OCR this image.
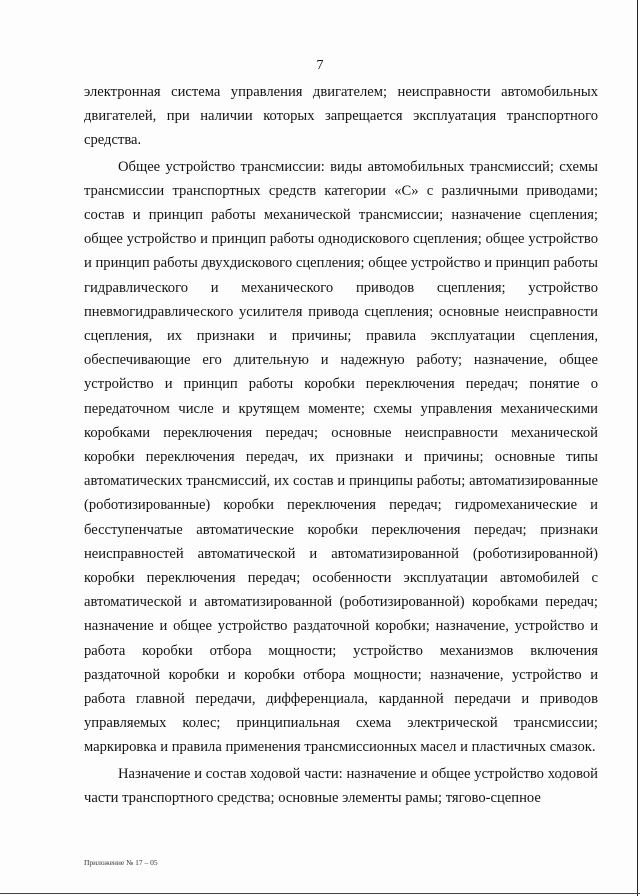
7

электронная система управления двигателем; неисправности автомобильных двигателей, при наличии которых запрещается эксплуатация транспортного средства.

Общее устройство трансмиссии: виды автомобильных трансмиссий; схемы трансмиссии транспортных средств категории «С» с различными приводами; состав и принцип работы механической трансмиссии; назначение сцепления; общее устройство и принцип работы однодискового сцепления; общее устройство и принцип работы двухдискового сцепления; общее устройство и принцип работы гидравлического и механического приводов сцепления; устройство пневмогидравлического усилителя привода сцепления; основные неисправности сцепления, их признаки и причины; правила эксплуатации сцепления, обеспечивающие его длительную и надежную работу; назначение, общее устройство и принцип работы коробки переключения передач; понятие о передаточном числе и крутящем моменте; схемы управления механическими коробками переключения передач; основные неисправности механической коробки переключения передач, их признаки и причины; основные типы автоматических трансмиссий, их состав и принципы работы; автоматизированные (роботизированные) коробки переключения передач; гидромеханические и бесступенчатые автоматические коробки переключения передач; признаки неисправностей автоматической и автоматизированной (роботизированной) коробки переключения передач; особенности эксплуатации автомобилей с автоматической и автоматизированной (роботизированной) коробками передач; назначение и общее устройство раздаточной коробки; назначение, устройство и работа коробки отбора мощности; устройство механизмов включения раздаточной коробки и коробки отбора мощности; назначение, устройство и работа главной передачи, дифференциала, карданной передачи и приводов управляемых колес; принципиальная схема электрической трансмиссии; маркировка и правила применения трансмиссионных масел и пластичных смазок.

Назначение и состав ходовой части: назначение и общее устройство ходовой части транспортного средства; основные элементы рамы; тягово-сцепное

Приложение № 17 – 05
